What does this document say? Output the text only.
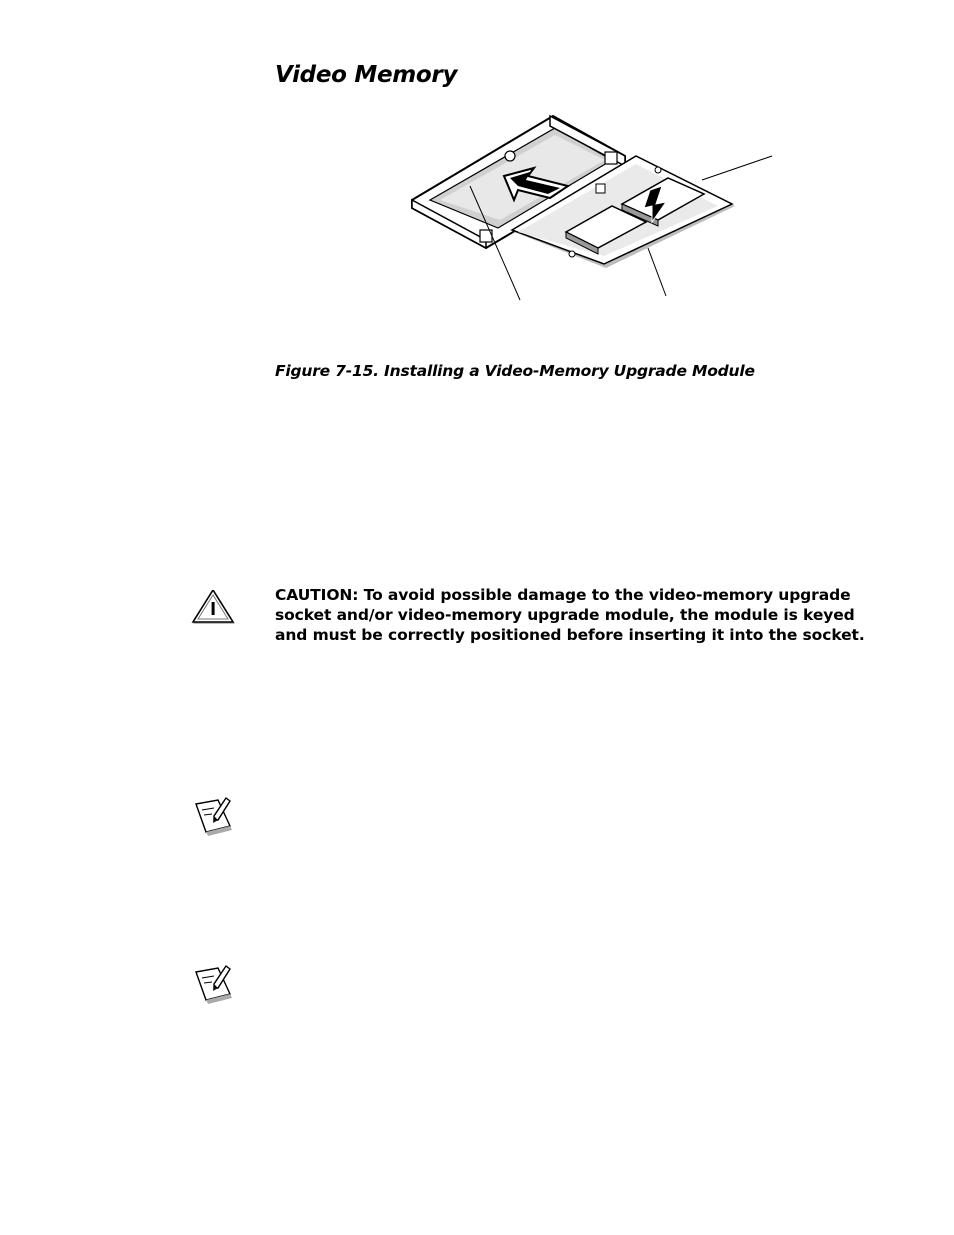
Video Memory

Figure 7-15. Installing a Video-Memory Upgrade Module

CAUTION: To avoid possible damage to the video-memory upgrade socket and/or video-memory upgrade module, the module is keyed and must be correctly positioned before inserting it into the socket.
